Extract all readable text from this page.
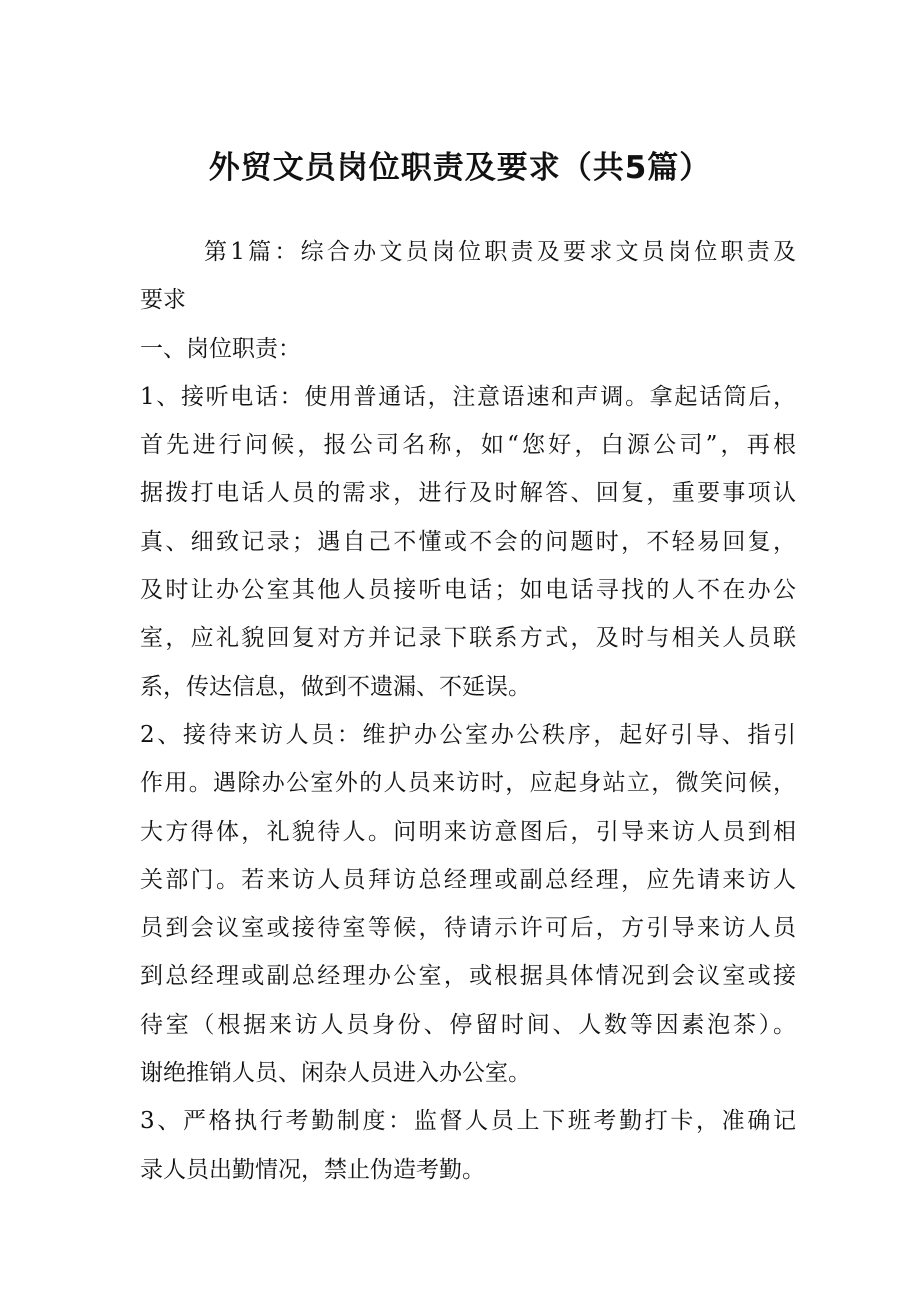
外贸文员岗位职责及要求（共5篇）
第1篇：综合办文员岗位职责及要求文员岗位职责及
要求
一、岗位职责：
1、接听电话：使用普通话，注意语速和声调。拿起话筒后，
首先进行问候，报公司名称，如“您好，白源公司”，再根
据拨打电话人员的需求，进行及时解答、回复，重要事项认
真、细致记录；遇自己不懂或不会的问题时，不轻易回复，
及时让办公室其他人员接听电话；如电话寻找的人不在办公
室，应礼貌回复对方并记录下联系方式，及时与相关人员联
系，传达信息，做到不遗漏、不延误。
2、接待来访人员：维护办公室办公秩序，起好引导、指引
作用。遇除办公室外的人员来访时，应起身站立，微笑问候，
大方得体，礼貌待人。问明来访意图后，引导来访人员到相
关部门。若来访人员拜访总经理或副总经理，应先请来访人
员到会议室或接待室等候，待请示许可后，方引导来访人员
到总经理或副总经理办公室，或根据具体情况到会议室或接
待室（根据来访人员身份、停留时间、人数等因素泡茶）。
谢绝推销人员、闲杂人员进入办公室。
3、严格执行考勤制度：监督人员上下班考勤打卡，准确记
录人员出勤情况，禁止伪造考勤。
